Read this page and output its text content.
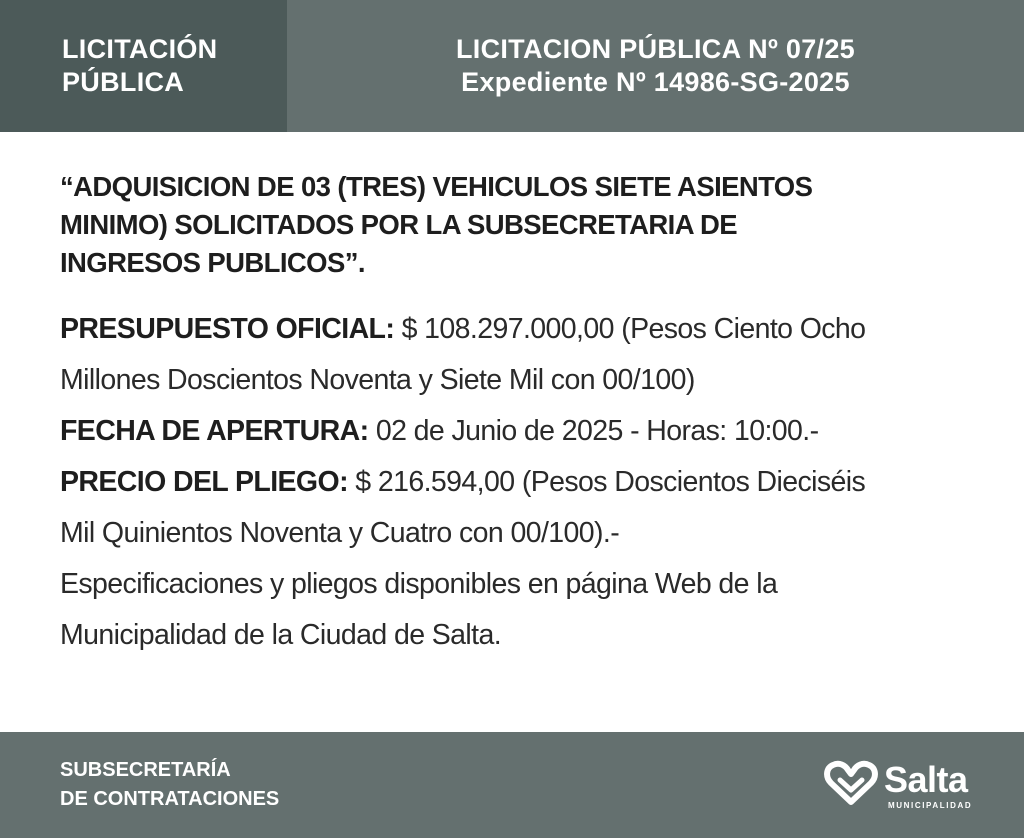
LICITACIÓN
PÚBLICA
LICITACION PÚBLICA Nº 07/25
Expediente Nº 14986-SG-2025
“ADQUISICION DE 03 (TRES) VEHICULOS SIETE ASIENTOS
MINIMO) SOLICITADOS POR LA SUBSECRETARIA DE
INGRESOS PUBLICOS”.

PRESUPUESTO OFICIAL: $ 108.297.000,00 (Pesos Ciento Ocho

Millones Doscientos Noventa y Siete Mil con 00/100)

FECHA DE APERTURA: 02 de Junio de 2025 - Horas: 10:00.-

PRECIO DEL PLIEGO: $ 216.594,00 (Pesos Doscientos Dieciséis

Mil Quinientos Noventa y Cuatro con 00/100).-

Especificaciones y pliegos disponibles en página Web de la

Municipalidad de la Ciudad de Salta.

SUBSECRETARÍA
DE CONTRATACIONES	Salta
MUNICIPALIDAD
